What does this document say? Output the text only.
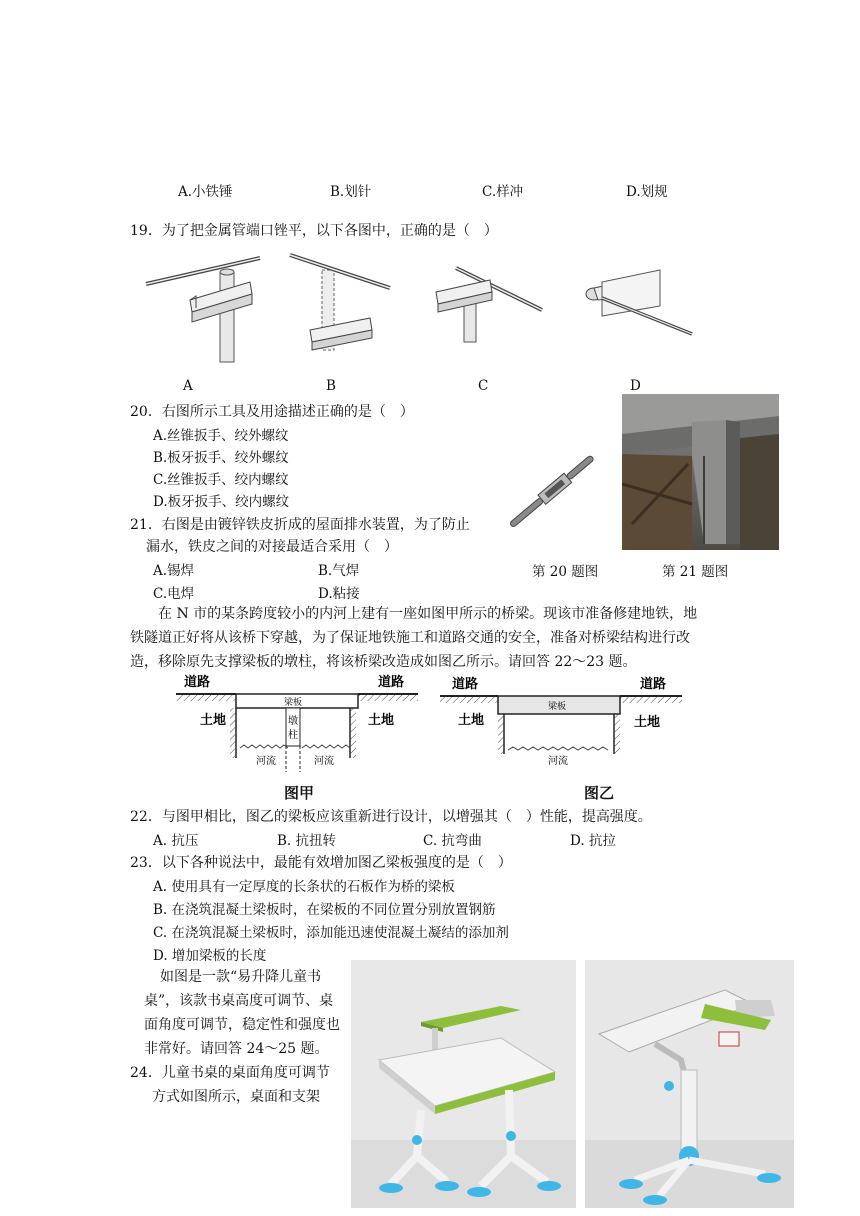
A.小铁锤	B.划针	C.样冲	D.划规
19．为了把金属管端口锉平，以下各图中，正确的是（　）
A	B	C	D
20．右图所示工具及用途描述正确的是（　）
A.丝锥扳手、绞外螺纹
B.板牙扳手、绞外螺纹
C.丝锥扳手、绞内螺纹
D.板牙扳手、绞内螺纹
21．右图是由镀锌铁皮折成的屋面排水装置，为了防止
漏水，铁皮之间的对接最适合采用（　）
A.锡焊	B.气焊
C.电焊	D.粘接
第 20 题图	第 21 题图
在 N 市的某条跨度较小的内河上建有一座如图甲所示的桥梁。现该市准备修建地铁，地
铁隧道正好将从该桥下穿越，为了保证地铁施工和道路交通的安全，准备对桥梁结构进行改
造，移除原先支撑梁板的墩柱，将该桥梁改造成如图乙所示。请回答 22～23 题。
道路	道路
梁板
土地	土地
墩
柱
河流	河流
道路	道路
梁板
土地	土地
河流
图甲	图乙
22．与图甲相比，图乙的梁板应该重新进行设计，以增强其（　）性能，提高强度。
A. 抗压	B. 抗扭转	C. 抗弯曲	D. 抗拉
23．以下各种说法中，最能有效增加图乙梁板强度的是（　）
A. 使用具有一定厚度的长条状的石板作为桥的梁板
B. 在浇筑混凝土梁板时，在梁板的不同位置分别放置钢筋
C. 在浇筑混凝土梁板时，添加能迅速使混凝土凝结的添加剂
D. 增加梁板的长度
如图是一款“易升降儿童书
桌”，该款书桌高度可调节、桌
面角度可调节，稳定性和强度也
非常好。请回答 24～25 题。
24．儿童书桌的桌面角度可调节
方式如图所示，桌面和支架
